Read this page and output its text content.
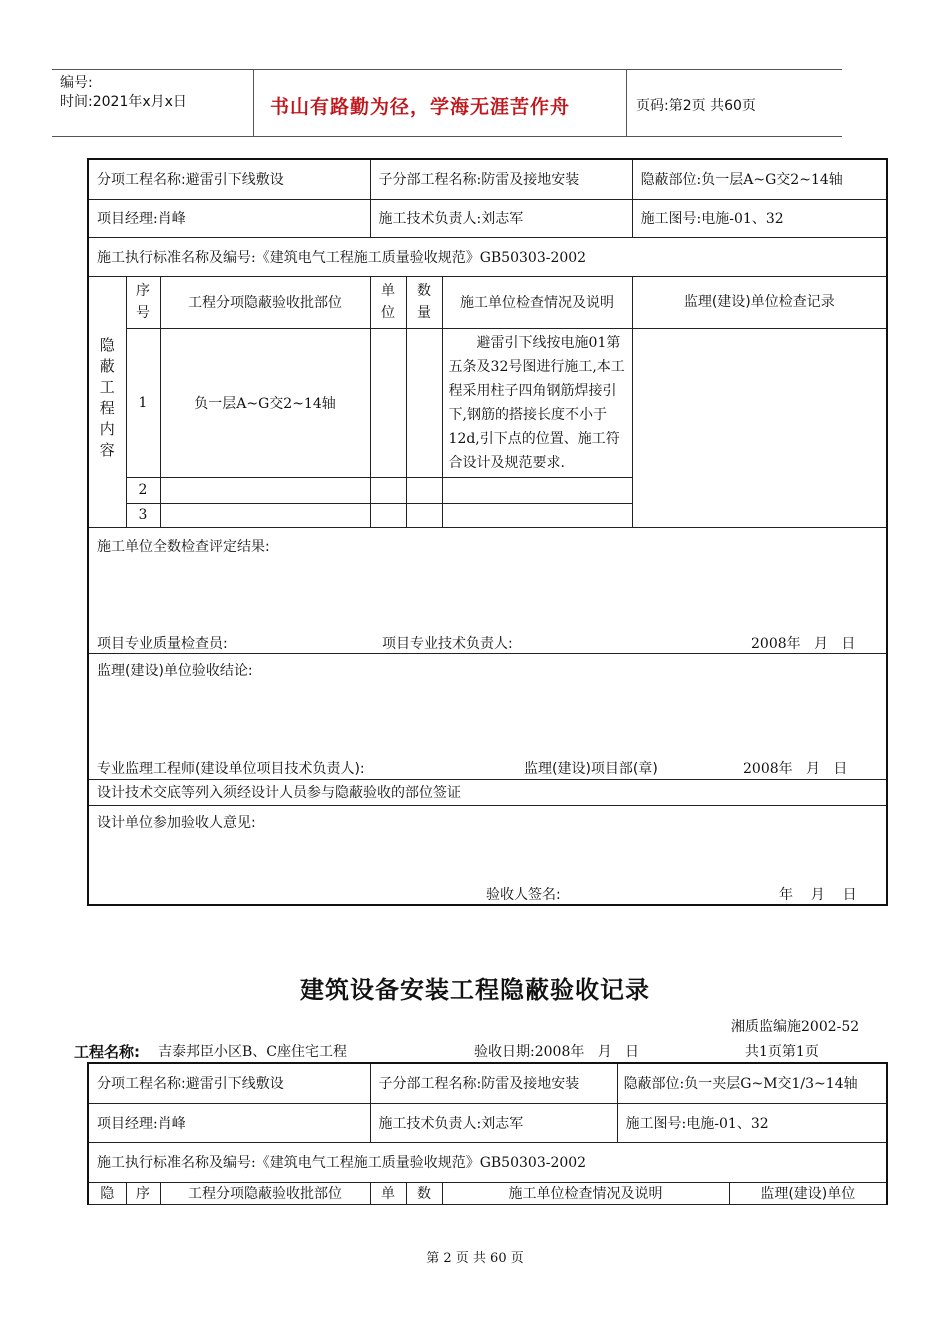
编号:
时间:2021年x月x日	书山有路勤为径，学海无涯苦作舟	页码:第2页 共60页
分项工程名称:避雷引下线敷设			子分部工程名称:防雷及接地安装			隐蔽部位:负一层A~G交2~14轴
项目经理:肖峰			施工技术负责人:刘志军			施工图号:电施-01、32
施工执行标准名称及编号:《建筑电气工程施工质量验收规范》GB50303-2002						
隐蔽工程内容	序号	工程分项隐蔽验收批部位	单位	数量	施工单位检查情况及说明	监理(建设)单位检查记录
	1	负一层A~G交2~14轴			避雷引下线按电施01第五条及32号图进行施工,本工程采用柱子四角钢筋焊接引下,钢筋的搭接长度不小于12d,引下点的位置、施工符合设计及规范要求.	
	2					
	3					

施工单位全数检查评定结果:
项目专业质量检查员: 项目专业技术负责人: 2008年   月   日						

监理(建设)单位验收结论:
专业监理工程师(建设单位项目技术负责人): 监理(建设)项目部(章) 2008年   月   日						

设计技术交底等列入须经设计人员参与隐蔽验收的部位签证						

设计单位参加验收人意见:
验收人签名: 年    月    日						
建筑设备安装工程隐蔽验收记录
湘质监编施2002-52
工程名称: 吉泰邦臣小区B、C座住宅工程	验收日期:2008年   月   日	共1页第1页
分项工程名称:避雷引下线敷设			子分部工程名称:防雷及接地安装			隐蔽部位:负一夹层G~M交1/3~14轴	
项目经理:肖峰			施工技术负责人:刘志军			施工图号:电施-01、32	
施工执行标准名称及编号:《建筑电气工程施工质量验收规范》GB50303-2002							
隐	序	工程分项隐蔽验收批部位	单	数	施工单位检查情况及说明		监理(建设)单位
第 2 页 共 60 页
